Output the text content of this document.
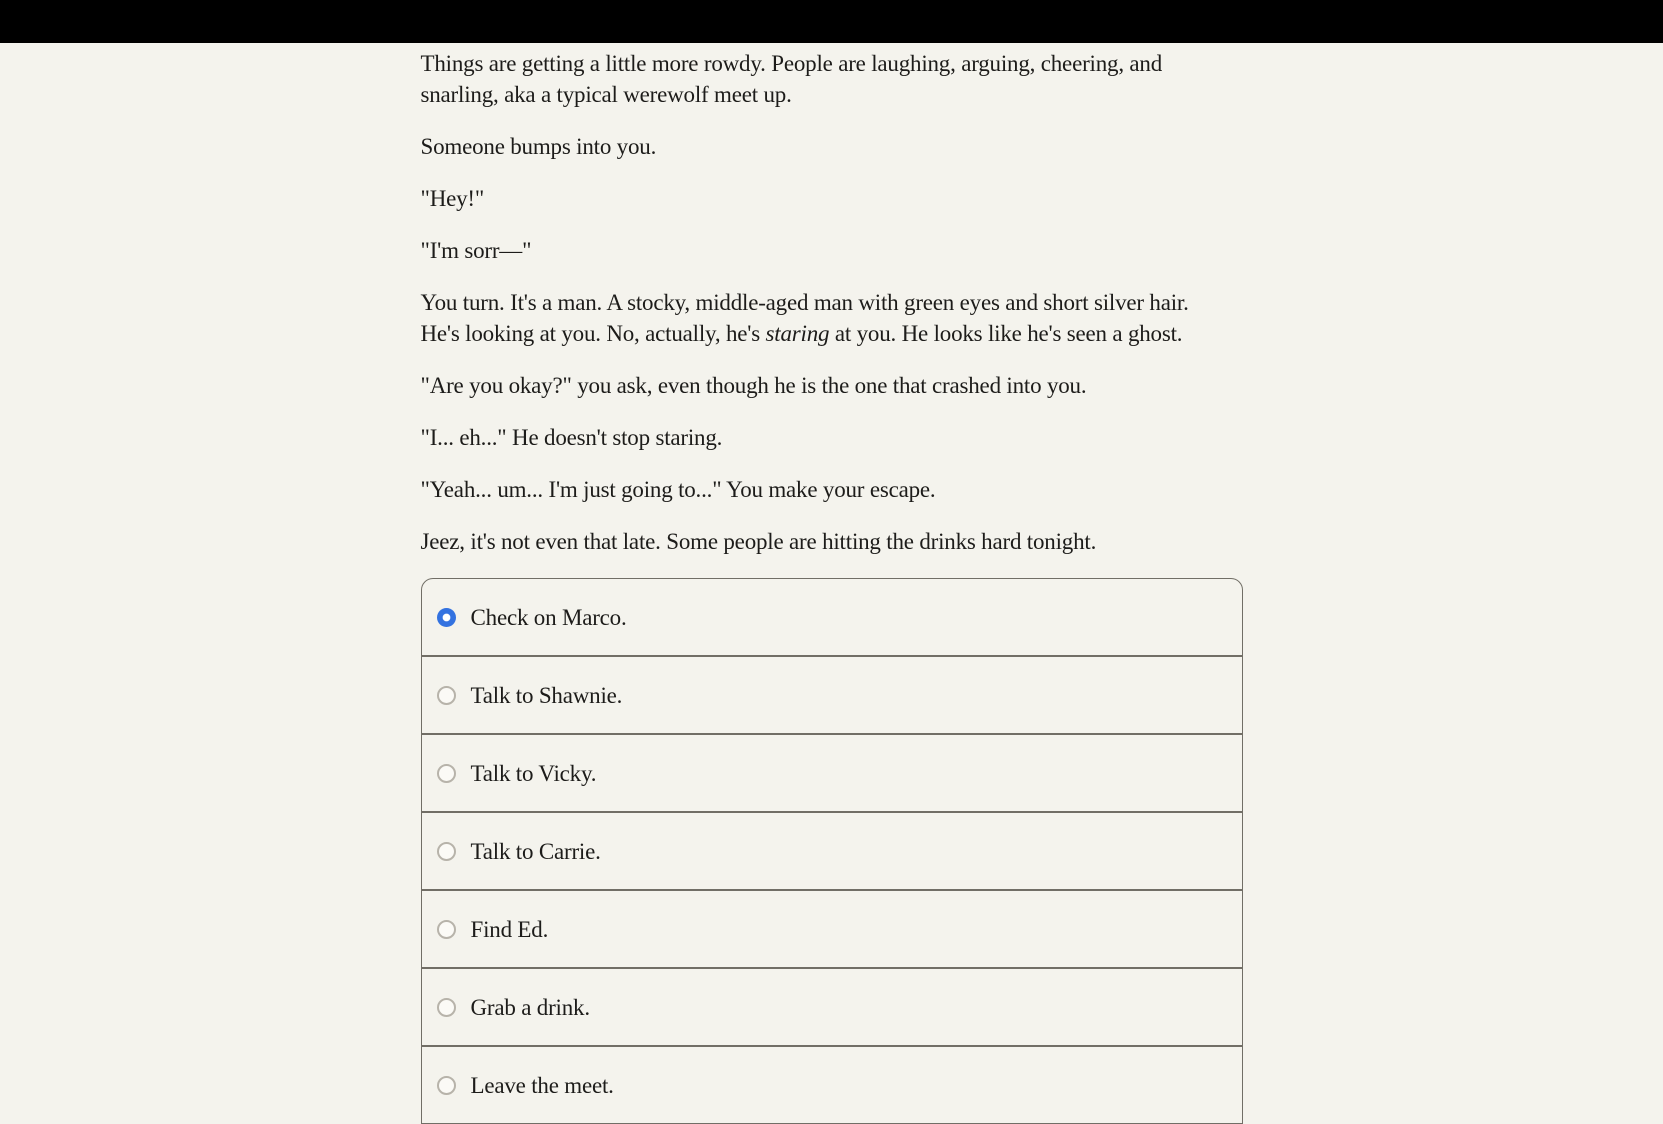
Things are getting a little more rowdy. People are laughing, arguing, cheering, and
snarling, aka a typical werewolf meet up.

Someone bumps into you.

"Hey!"

"I'm sorr—"

You turn. It's a man. A stocky, middle-aged man with green eyes and short silver hair.
He's looking at you. No, actually, he's staring at you. He looks like he's seen a ghost.

"Are you okay?" you ask, even though he is the one that crashed into you.

"I... eh..." He doesn't stop staring.

"Yeah... um... I'm just going to..." You make your escape.

Jeez, it's not even that late. Some people are hitting the drinks hard tonight.

Check on Marco.
Talk to Shawnie.
Talk to Vicky.
Talk to Carrie.
Find Ed.
Grab a drink.
Leave the meet.
